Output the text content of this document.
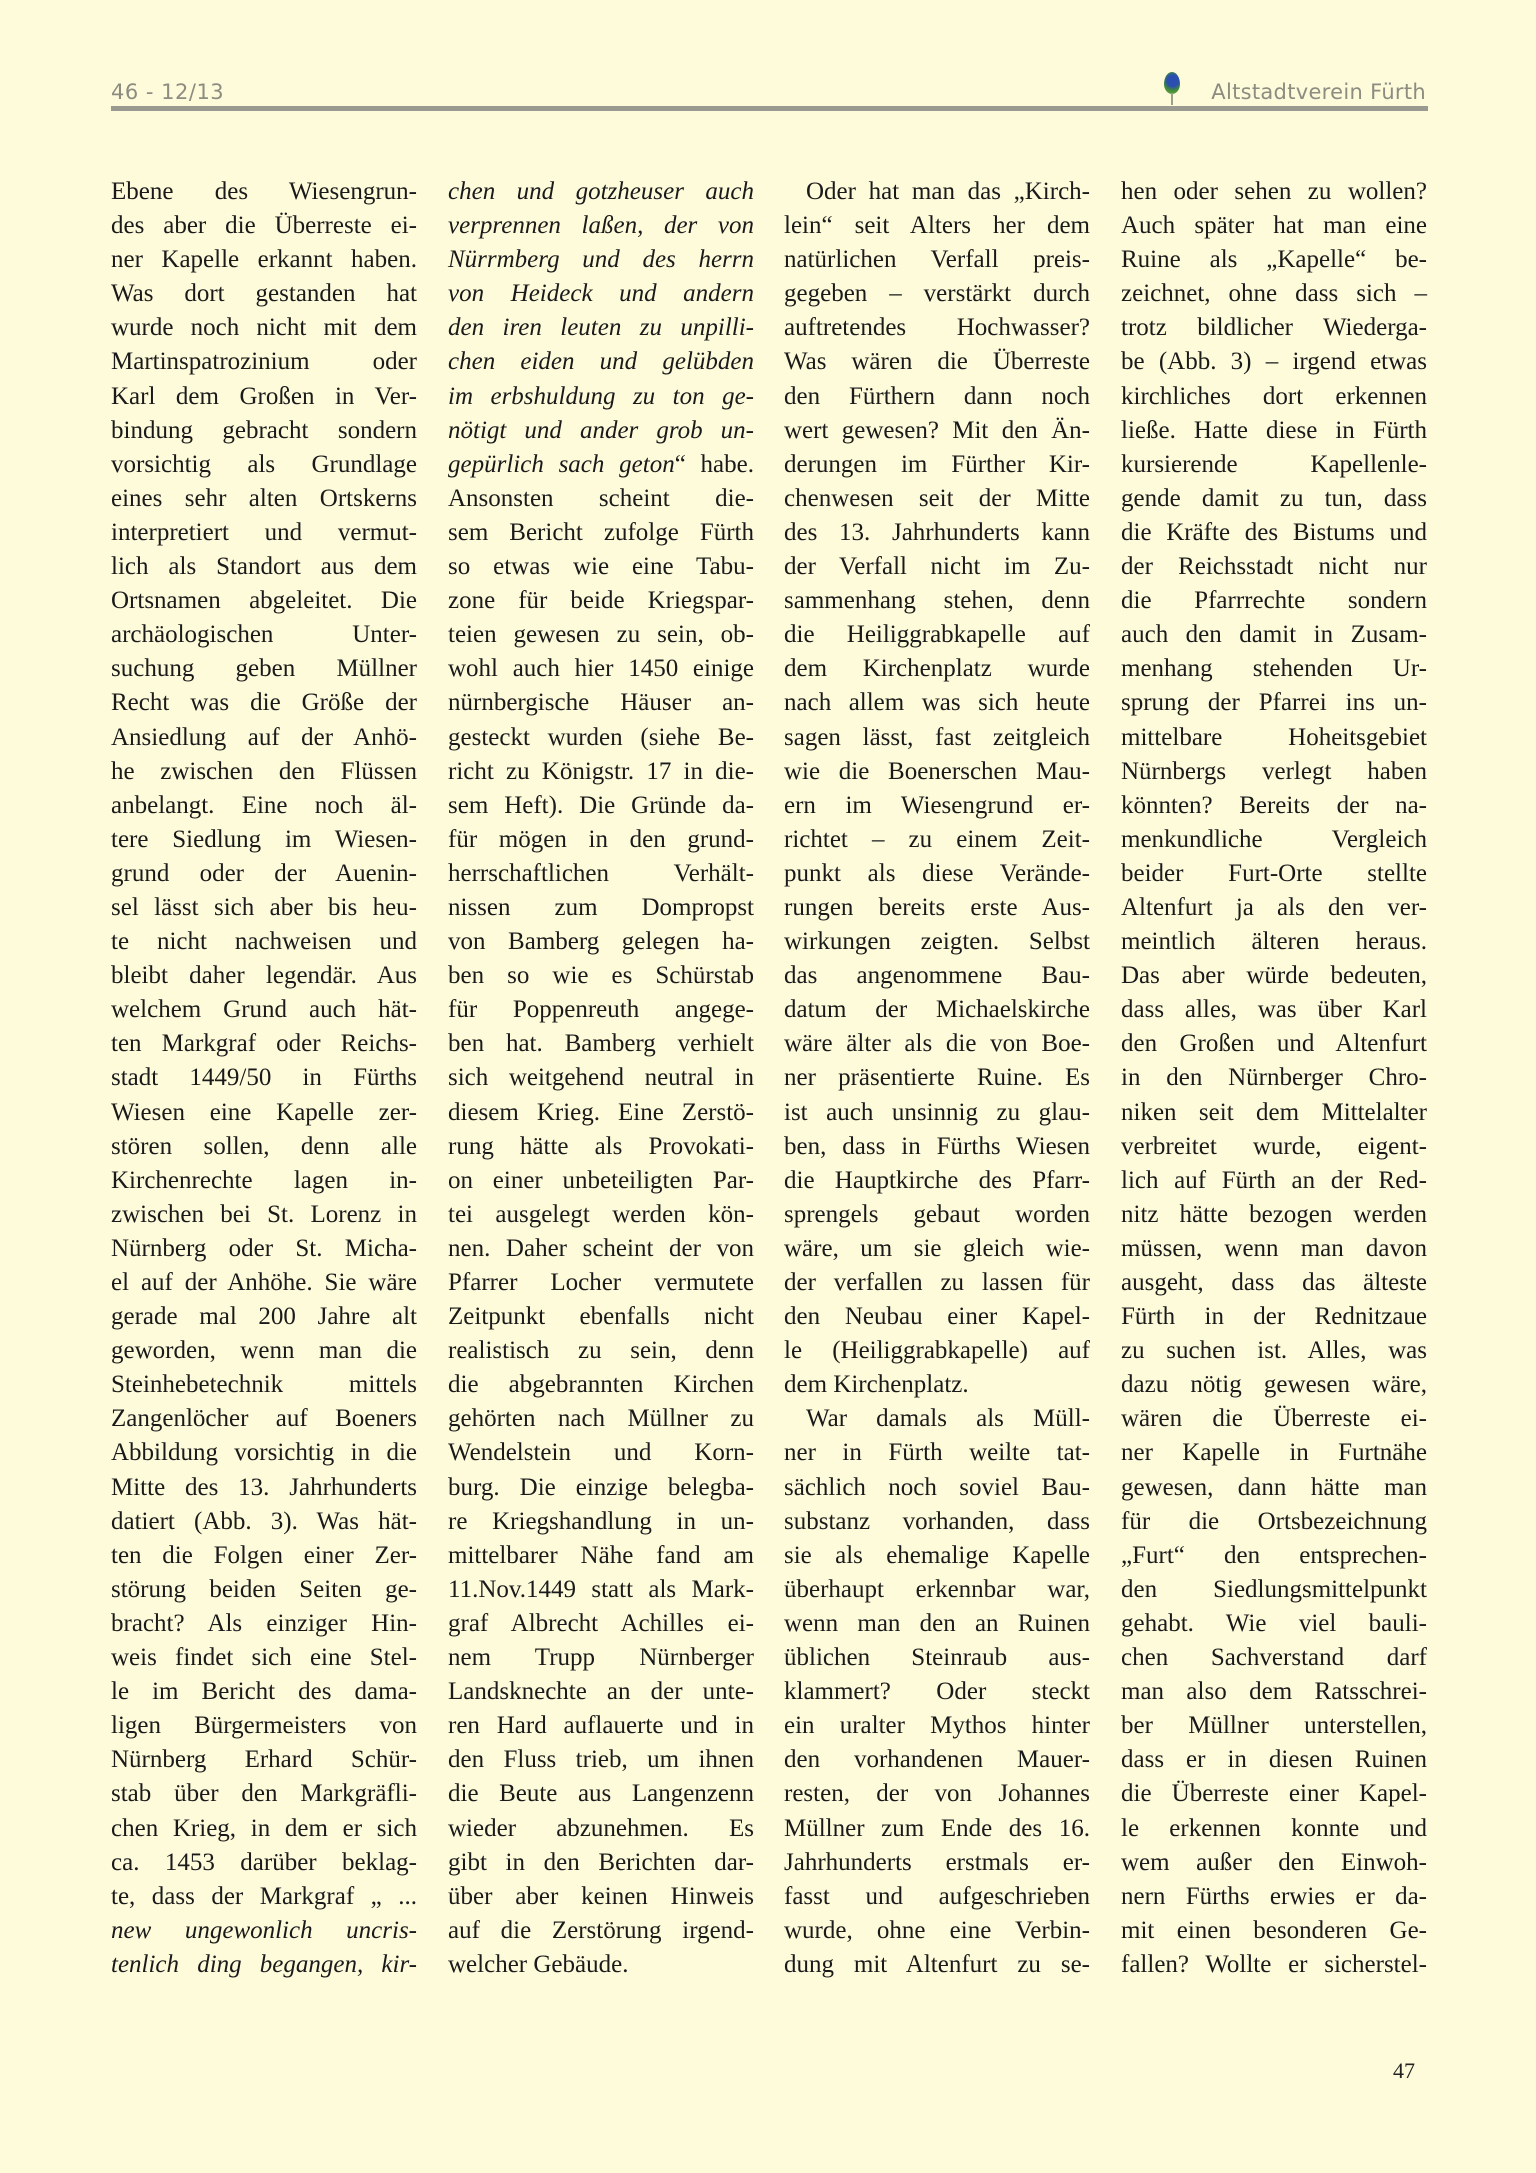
46 - 12/13	Altstadtverein Fürth
Ebene des Wiesengrun-
des aber die Überreste ei-
ner Kapelle erkannt haben.
Was dort gestanden hat
wurde noch nicht mit dem
Martinspatrozinium oder
Karl dem Großen in Ver-
bindung gebracht sondern
vorsichtig als Grundlage
eines sehr alten Ortskerns
interpretiert und vermut-
lich als Standort aus dem
Ortsnamen abgeleitet. Die
archäologischen Unter-
suchung geben Müllner
Recht was die Größe der
Ansiedlung auf der Anhö-
he zwischen den Flüssen
anbelangt. Eine noch äl-
tere Siedlung im Wiesen-
grund oder der Auenin-
sel lässt sich aber bis heu-
te nicht nachweisen und
bleibt daher legendär. Aus
welchem Grund auch hät-
ten Markgraf oder Reichs-
stadt 1449/50 in Fürths
Wiesen eine Kapelle zer-
stören sollen, denn alle
Kirchenrechte lagen in-
zwischen bei St. Lorenz in
Nürnberg oder St. Micha-
el auf der Anhöhe. Sie wäre
gerade mal 200 Jahre alt
geworden, wenn man die
Steinhebetechnik mittels
Zangenlöcher auf Boeners
Abbildung vorsichtig in die
Mitte des 13. Jahrhunderts
datiert (Abb. 3). Was hät-
ten die Folgen einer Zer-
störung beiden Seiten ge-
bracht? Als einziger Hin-
weis findet sich eine Stel-
le im Bericht des dama-
ligen Bürgermeisters von
Nürnberg Erhard Schür-
stab über den Markgräfli-
chen Krieg, in dem er sich
ca. 1453 darüber beklag-
te, dass der Markgraf „ ...
new ungewonlich uncris-
tenlich ding begangen, kir-
chen und gotzheuser auch
verprennen laßen, der von
Nürrmberg und des herrn
von Heideck und andern
den iren leuten zu unpilli-
chen eiden und gelübden
im erbshuldung zu ton ge-
nötigt und ander grob un-
gepürlich sach geton“ habe.
Ansonsten scheint die-
sem Bericht zufolge Fürth
so etwas wie eine Tabu-
zone für beide Kriegspar-
teien gewesen zu sein, ob-
wohl auch hier 1450 einige
nürnbergische Häuser an-
gesteckt wurden (siehe Be-
richt zu Königstr. 17 in die-
sem Heft). Die Gründe da-
für mögen in den grund-
herrschaftlichen Verhält-
nissen zum Dompropst
von Bamberg gelegen ha-
ben so wie es Schürstab
für Poppenreuth angege-
ben hat. Bamberg verhielt
sich weitgehend neutral in
diesem Krieg. Eine Zerstö-
rung hätte als Provokati-
on einer unbeteiligten Par-
tei ausgelegt werden kön-
nen. Daher scheint der von
Pfarrer Locher vermutete
Zeitpunkt ebenfalls nicht
realistisch zu sein, denn
die abgebrannten Kirchen
gehörten nach Müllner zu
Wendelstein und Korn-
burg. Die einzige belegba-
re Kriegshandlung in un-
mittelbarer Nähe fand am
11.Nov.1449 statt als Mark-
graf Albrecht Achilles ei-
nem Trupp Nürnberger
Landsknechte an der unte-
ren Hard auflauerte und in
den Fluss trieb, um ihnen
die Beute aus Langenzenn
wieder abzunehmen. Es
gibt in den Berichten dar-
über aber keinen Hinweis
auf die Zerstörung irgend-
welcher Gebäude.
Oder hat man das „Kirch-
lein“ seit Alters her dem
natürlichen Verfall preis-
gegeben – verstärkt durch
auftretendes Hochwasser?
Was wären die Überreste
den Fürthern dann noch
wert gewesen? Mit den Än-
derungen im Fürther Kir-
chenwesen seit der Mitte
des 13. Jahrhunderts kann
der Verfall nicht im Zu-
sammenhang stehen, denn
die Heiliggrabkapelle auf
dem Kirchenplatz wurde
nach allem was sich heute
sagen lässt, fast zeitgleich
wie die Boenerschen Mau-
ern im Wiesengrund er-
richtet – zu einem Zeit-
punkt als diese Verände-
rungen bereits erste Aus-
wirkungen zeigten. Selbst
das angenommene Bau-
datum der Michaelskirche
wäre älter als die von Boe-
ner präsentierte Ruine. Es
ist auch unsinnig zu glau-
ben, dass in Fürths Wiesen
die Hauptkirche des Pfarr-
sprengels gebaut worden
wäre, um sie gleich wie-
der verfallen zu lassen für
den Neubau einer Kapel-
le (Heiliggrabkapelle) auf
dem Kirchenplatz.
War damals als Müll-
ner in Fürth weilte tat-
sächlich noch soviel Bau-
substanz vorhanden, dass
sie als ehemalige Kapelle
überhaupt erkennbar war,
wenn man den an Ruinen
üblichen Steinraub aus-
klammert? Oder steckt
ein uralter Mythos hinter
den vorhandenen Mauer-
resten, der von Johannes
Müllner zum Ende des 16.
Jahrhunderts erstmals er-
fasst und aufgeschrieben
wurde, ohne eine Verbin-
dung mit Altenfurt zu se-
hen oder sehen zu wollen?
Auch später hat man eine
Ruine als „Kapelle“ be-
zeichnet, ohne dass sich –
trotz bildlicher Wiederga-
be (Abb. 3) – irgend etwas
kirchliches dort erkennen
ließe. Hatte diese in Fürth
kursierende Kapellenle-
gende damit zu tun, dass
die Kräfte des Bistums und
der Reichsstadt nicht nur
die Pfarrrechte sondern
auch den damit in Zusam-
menhang stehenden Ur-
sprung der Pfarrei ins un-
mittelbare Hoheitsgebiet
Nürnbergs verlegt haben
könnten? Bereits der na-
menkundliche Vergleich
beider Furt-Orte stellte
Altenfurt ja als den ver-
meintlich älteren heraus.
Das aber würde bedeuten,
dass alles, was über Karl
den Großen und Altenfurt
in den Nürnberger Chro-
niken seit dem Mittelalter
verbreitet wurde, eigent-
lich auf Fürth an der Red-
nitz hätte bezogen werden
müssen, wenn man davon
ausgeht, dass das älteste
Fürth in der Rednitzaue
zu suchen ist. Alles, was
dazu nötig gewesen wäre,
wären die Überreste ei-
ner Kapelle in Furtnähe
gewesen, dann hätte man
für die Ortsbezeichnung
„Furt“ den entsprechen-
den Siedlungsmittelpunkt
gehabt. Wie viel bauli-
chen Sachverstand darf
man also dem Ratsschrei-
ber Müllner unterstellen,
dass er in diesen Ruinen
die Überreste einer Kapel-
le erkennen konnte und
wem außer den Einwoh-
nern Fürths erwies er da-
mit einen besonderen Ge-
fallen? Wollte er sicherstel-
47
